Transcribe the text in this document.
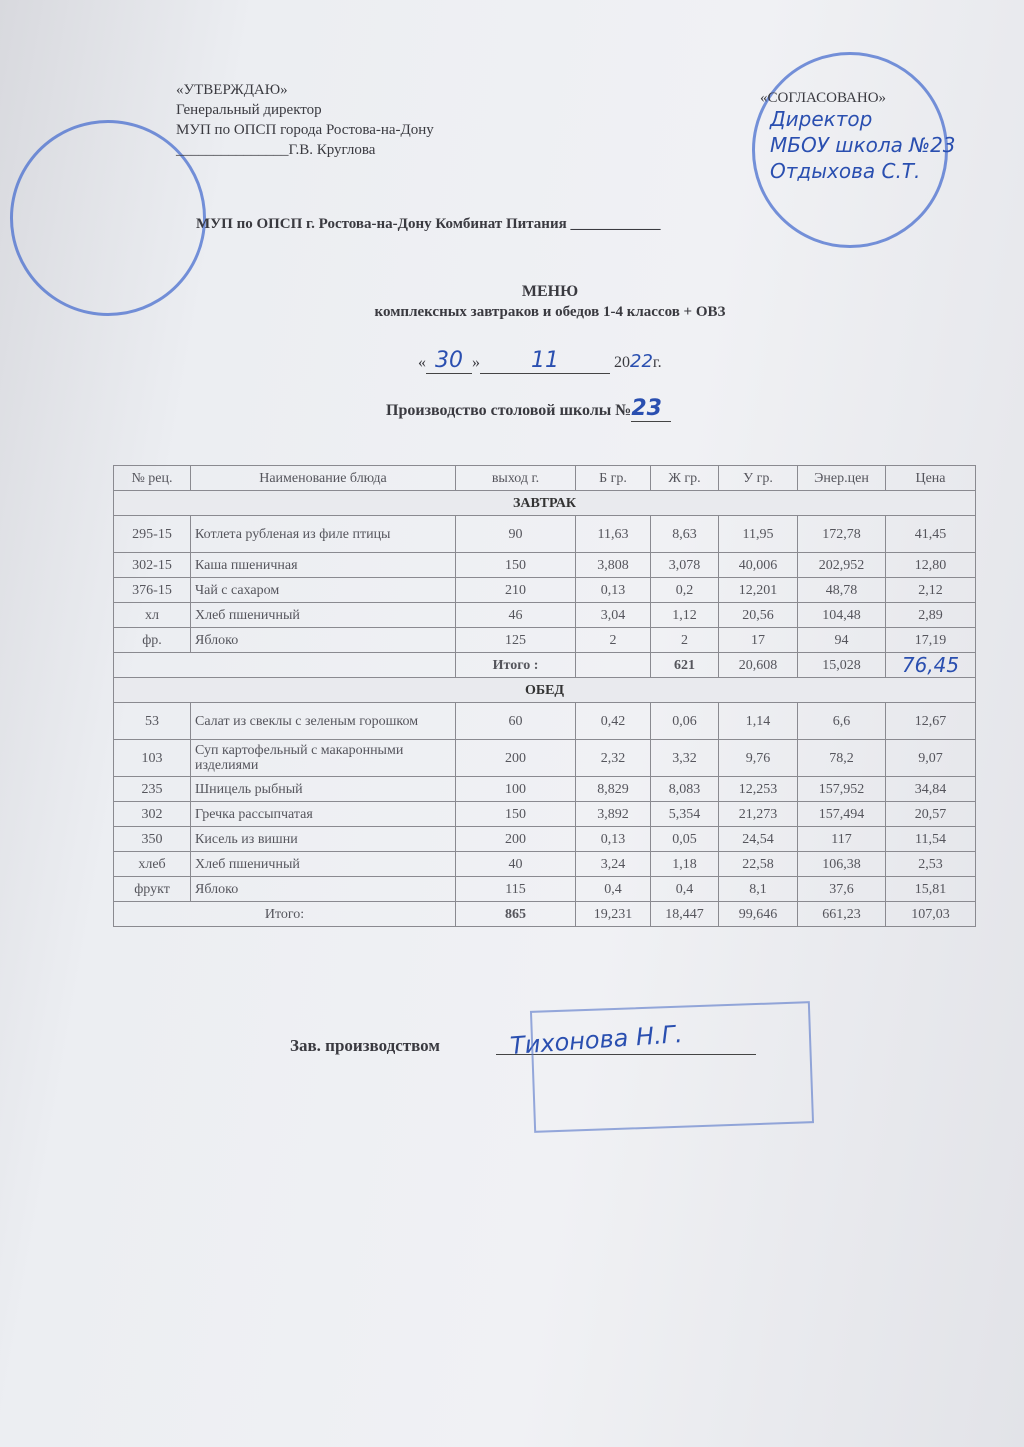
«УТВЕРЖДАЮ»
Генеральный директор
МУП по ОПСП города Ростова-на-Дону
_______________Г.В. Круглова
«СОГЛАСОВАНО»
Директор
МБОУ школа №23
Отдыхова С.Т.
МУП по ОПСП г. Ростова-на-Дону Комбинат Питания ____________
МЕНЮ
комплексных завтраков и обедов 1-4 классов + ОВЗ
« 30 » 11	2022г.
Производство столовой школы №23
№ рец.	Наименование блюда	выход г.	Б гр.	Ж гр.	У гр.	Энер.цен	Цена
ЗАВТРАК							
295-15	Котлета рубленая из филе птицы	90	11,63	8,63	11,95	172,78	41,45
302-15	Каша пшеничная	150	3,808	3,078	40,006	202,952	12,80
376-15	Чай с сахаром	210	0,13	0,2	12,201	48,78	2,12
хл	Хлеб пшеничный	46	3,04	1,12	20,56	104,48	2,89
фр.	Яблоко	125	2	2	17	94	17,19
		Итого :		621	20,608	15,028	76,45
ОБЕД							
53	Салат из свеклы с зеленым горошком	60	0,42	0,06	1,14	6,6	12,67
103	Суп картофельный с макаронными изделиями	200	2,32	3,32	9,76	78,2	9,07
235	Шницель рыбный	100	8,829	8,083	12,253	157,952	34,84
302	Гречка рассыпчатая	150	3,892	5,354	21,273	157,494	20,57
350	Кисель из вишни	200	0,13	0,05	24,54	117	11,54
хлеб	Хлеб пшеничный	40	3,24	1,18	22,58	106,38	2,53
фрукт	Яблоко	115	0,4	0,4	8,1	37,6	15,81
Итого:		865	19,231	18,447	99,646	661,23	107,03
Зав. производством	Тихонова Н.Г.
